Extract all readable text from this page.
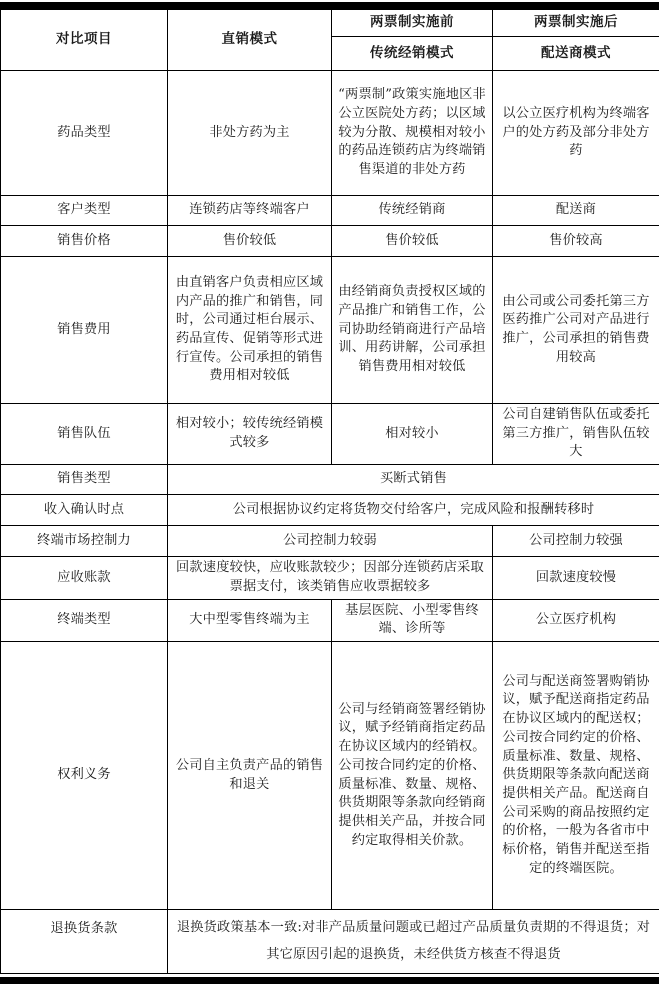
对比项目	直销模式	两票制实施前	两票制实施后
		传统经销模式	配送商模式
药品类型	非处方药为主	“两票制”政策实施地区非公立医院处方药；以区域较为分散、规模相对较小的药品连锁药店为终端销售渠道的非处方药	以公立医疗机构为终端客户的处方药及部分非处方药
客户类型	连锁药店等终端客户	传统经销商	配送商
销售价格	售价较低	售价较低	售价较高
销售费用	由直销客户负责相应区域内产品的推广和销售，同时，公司通过柜台展示、药品宣传、促销等形式进行宣传。公司承担的销售费用相对较低	由经销商负责授权区域的产品推广和销售工作，公司协助经销商进行产品培训、用药讲解，公司承担销售费用相对较低	由公司或公司委托第三方医药推广公司对产品进行推广，公司承担的销售费用较高
销售队伍	相对较小；较传统经销模式较多	相对较小	公司自建销售队伍或委托第三方推广，销售队伍较大
销售类型	买断式销售		
收入确认时点	公司根据协议约定将货物交付给客户，完成风险和报酬转移时		
终端市场控制力	公司控制力较弱		公司控制力较强
应收账款	回款速度较快，应收账款较少；因部分连锁药店采取票据支付，该类销售应收票据较多		回款速度较慢
终端类型	大中型零售终端为主	基层医院、小型零售终端、诊所等	公立医疗机构
权利义务	公司自主负责产品的销售和退关	公司与经销商签署经销协议，赋予经销商指定药品在协议区域内的经销权。公司按合同约定的价格、质量标准、数量、规格、供货期限等条款向经销商提供相关产品，并按合同约定取得相关价款。	公司与配送商签署购销协议，赋予配送商指定药品在协议区域内的配送权；公司按合同约定的价格、质量标准、数量、规格、供货期限等条款向配送商提供相关产品。配送商自公司采购的商品按照约定的价格，一般为各省市中标价格，销售并配送至指定的终端医院。
退换货条款	退换货政策基本一致:对非产品质量问题或已超过产品质量负责期的不得退货；对其它原因引起的退换货，未经供货方核查不得退货		
